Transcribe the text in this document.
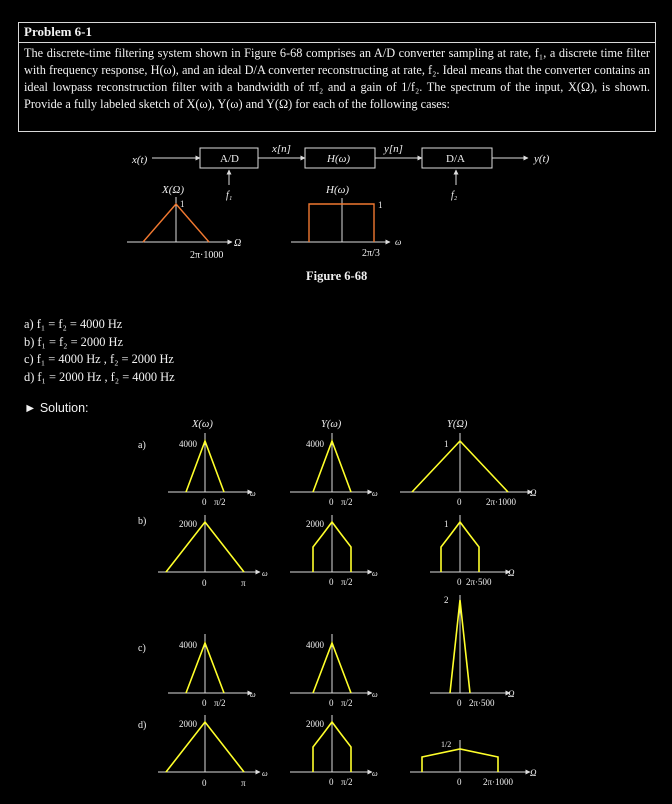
Problem 6-1
The discrete-time filtering system shown in Figure 6-68 comprises an A/D converter sampling at rate, f₁, a discrete time filter with frequency response, H(ω), and an ideal D/A converter reconstructing at rate, f₂. Ideal means that the converter contains an ideal lowpass reconstruction filter with a bandwidth of πf₂ and a gain of 1/f₂. The spectrum of the input, X(Ω), is shown. Provide a fully labeled sketch of X(ω), Y(ω) and Y(Ω) for each of the following cases:
a) f₁ = f₂ = 4000 Hz
b) f₁ = f₂ = 2000 Hz
c) f₁ = 4000 Hz , f₂ = 2000 Hz
d) f₁ = 2000 Hz , f₂ = 4000 Hz
► Solution:
x(t)	A/D
f₁
x[n]
H(ω)
y[n]
D/A
f₂
y(t)
X(Ω)
1
2π·1000
Ω
H(ω)
1
2π/3
ω
Figure 6-68
X(ω)	Y(ω)	Y(Ω)
a)	4000
0 π/2
ω
4000
0 π/2
ω
1
0	2π·1000
Ω
b)	2000
0	π
ω
2000
0 π/2
ω
1
0 2π·500
Ω
c)	4000
0 π/2
ω
4000
0 π/2
ω
2
0 2π·500
Ω
d)	2000
0	π
ω
2000
0 π/2
ω
1/2
0 2π·1000
Ω
